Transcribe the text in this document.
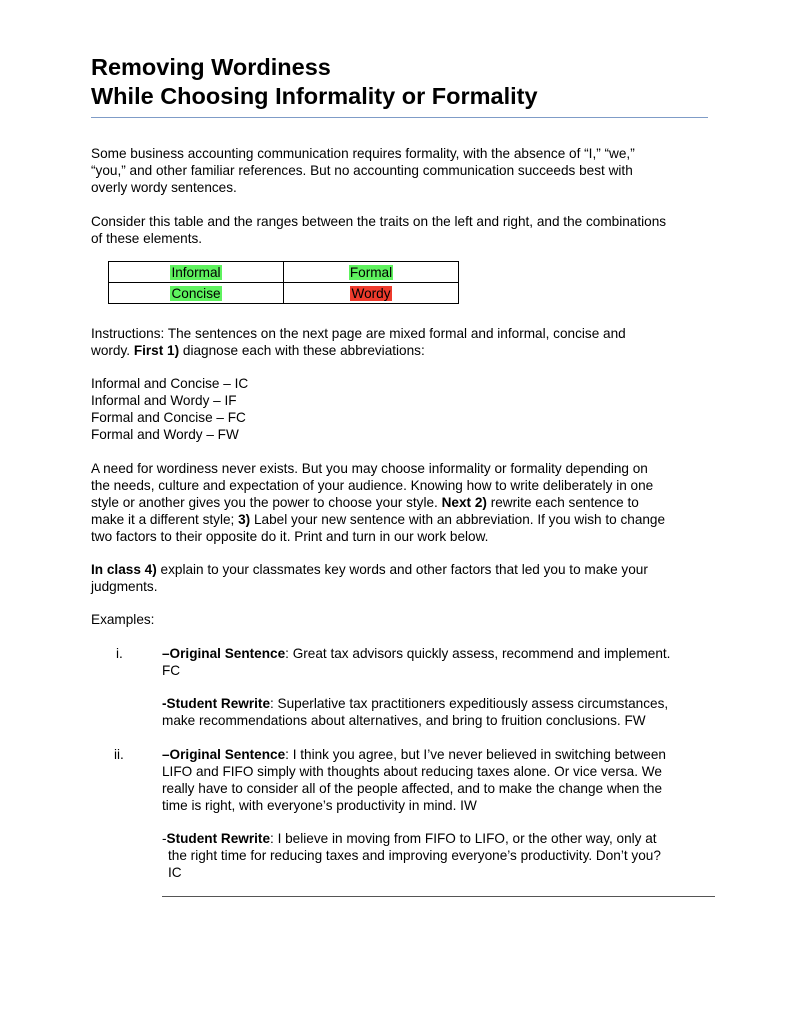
Removing Wordiness
While Choosing Informality or Formality

Some business accounting communication requires formality, with the absence of “I,” “we,”
“you,” and other familiar references. But no accounting communication succeeds best with
overly wordy sentences.

Consider this table and the ranges between the traits on the left and right, and the combinations
of these elements.

Informal	Formal
Concise	Wordy

Instructions: The sentences on the next page are mixed formal and informal, concise and
wordy. First 1) diagnose each with these abbreviations:

Informal and Concise – IC
Informal and Wordy – IF
Formal and Concise – FC
Formal and Wordy – FW

A need for wordiness never exists. But you may choose informality or formality depending on
the needs, culture and expectation of your audience. Knowing how to write deliberately in one
style or another gives you the power to choose your style. Next 2) rewrite each sentence to
make it a different style; 3) Label your new sentence with an abbreviation. If you wish to change
two factors to their opposite do it. Print and turn in our work below.

In class 4) explain to your classmates key words and other factors that led you to make your
judgments.

Examples:

i.	–Original Sentence: Great tax advisors quickly assess, recommend and implement.
FC

-Student Rewrite: Superlative tax practitioners expeditiously assess circumstances,
make recommendations about alternatives, and bring to fruition conclusions. FW

ii.	–Original Sentence: I think you agree, but I’ve never believed in switching between
LIFO and FIFO simply with thoughts about reducing taxes alone. Or vice versa. We
really have to consider all of the people affected, and to make the change when the
time is right, with everyone’s productivity in mind. IW

-Student Rewrite: I believe in moving from FIFO to LIFO, or the other way, only at
the right time for reducing taxes and improving everyone’s productivity. Don’t you?
IC
